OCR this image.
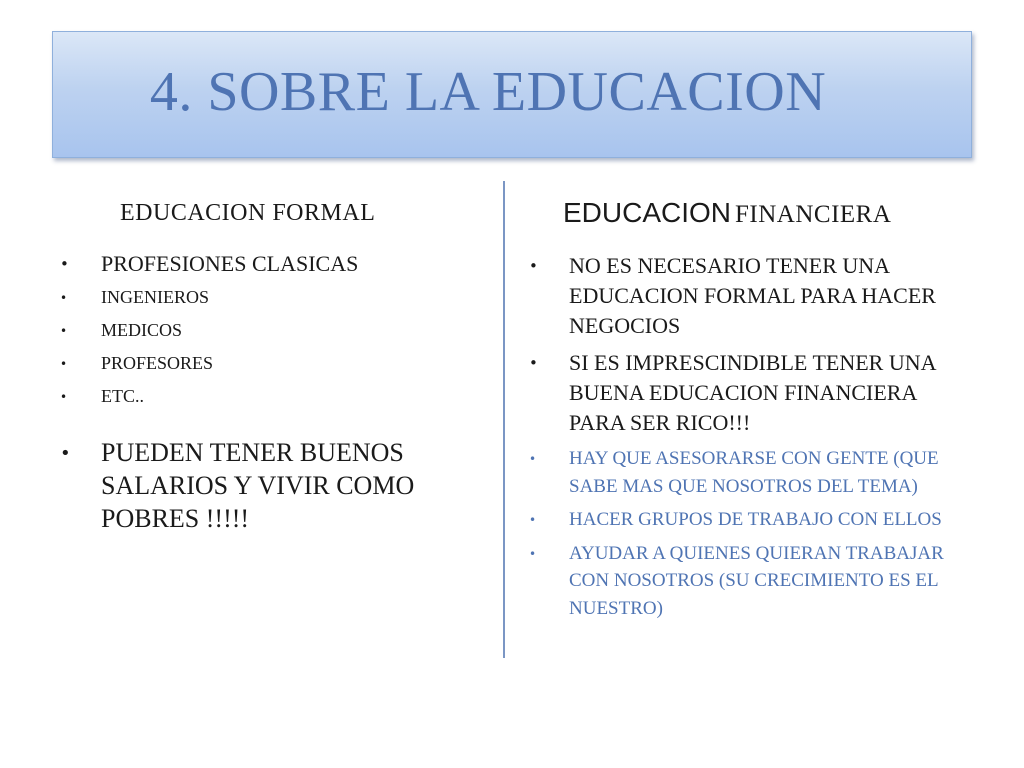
4. SOBRE LA EDUCACION
EDUCACION FORMAL	EDUCACION FINANCIERA
• PROFESIONES CLASICAS
• INGENIEROS
• MEDICOS
• PROFESORES
• ETC..
• PUEDEN TENER BUENOS SALARIOS Y VIVIR COMO POBRES !!!!!
• NO ES NECESARIO TENER UNA EDUCACION FORMAL PARA HACER NEGOCIOS
• SI ES IMPRESCINDIBLE TENER UNA BUENA EDUCACION FINANCIERA PARA SER RICO!!!
• HAY QUE ASESORARSE CON GENTE (QUE SABE MAS QUE NOSOTROS DEL TEMA)
• HACER GRUPOS DE TRABAJO CON ELLOS
• AYUDAR A QUIENES QUIERAN TRABAJAR CON NOSOTROS (SU CRECIMIENTO ES EL NUESTRO)
